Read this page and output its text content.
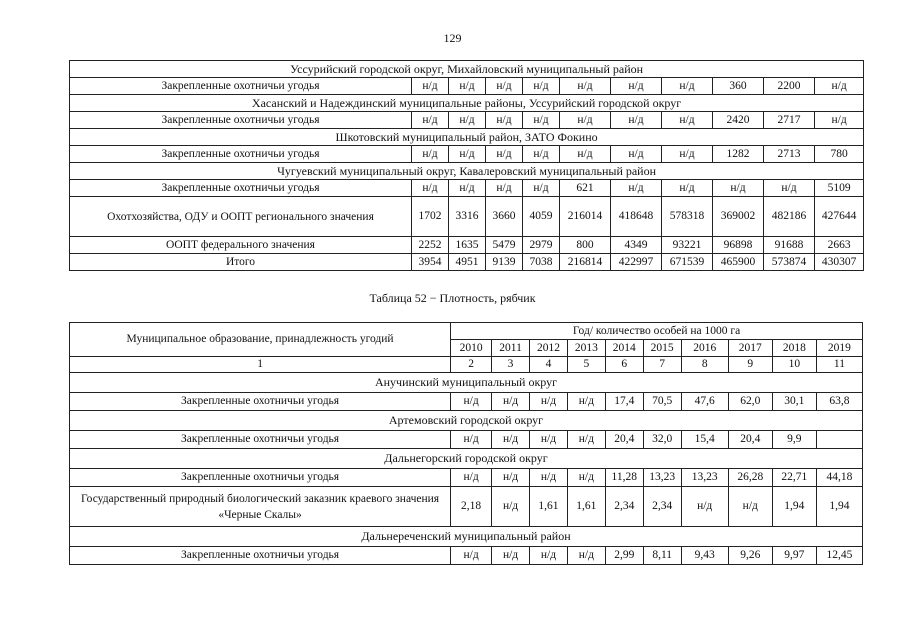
129
Уссурийский городской округ, Михайловский муниципальный район										
Закрепленные охотничьи угодья	н/д	н/д	н/д	н/д	н/д	н/д	н/д	360	2200	н/д
Хасанский и Надеждинский муниципальные районы, Уссурийский городской округ										
Закрепленные охотничьи угодья	н/д	н/д	н/д	н/д	н/д	н/д	н/д	2420	2717	н/д
Шкотовский муниципальный район, ЗАТО Фокино										
Закрепленные охотничьи угодья	н/д	н/д	н/д	н/д	н/д	н/д	н/д	1282	2713	780
Чугуевский муниципальный округ, Кавалеровский муниципальный район										
Закрепленные охотничьи угодья	н/д	н/д	н/д	н/д	621	н/д	н/д	н/д	н/д	5109
Охотхозяйства, ОДУ и ООПТ регионального значения	1702	3316	3660	4059	216014	418648	578318	369002	482186	427644
ООПТ федерального значения	2252	1635	5479	2979	800	4349	93221	96898	91688	2663
Итого	3954	4951	9139	7038	216814	422997	671539	465900	573874	430307
Таблица 52 − Плотность, рябчик
Муниципальное образование, принадлежность угодий	Год/ количество особей на 1000 га									
	2010	2011	2012	2013	2014	2015	2016	2017	2018	2019
1	2	3	4	5	6	7	8	9	10	11
Анучинский муниципальный округ										
Закрепленные охотничьи угодья	н/д	н/д	н/д	н/д	17,4	70,5	47,6	62,0	30,1	63,8
Артемовский городской округ										
Закрепленные охотничьи угодья	н/д	н/д	н/д	н/д	20,4	32,0	15,4	20,4	9,9	
Дальнегорский городской округ										
Закрепленные охотничьи угодья	н/д	н/д	н/д	н/д	11,28	13,23	13,23	26,28	22,71	44,18
Государственный природный биологический заказник краевого значения «Черные Скалы»	2,18	н/д	1,61	1,61	2,34	2,34	н/д	н/д	1,94	1,94
Дальнереченский муниципальный район										
Закрепленные охотничьи угодья	н/д	н/д	н/д	н/д	2,99	8,11	9,43	9,26	9,97	12,45
